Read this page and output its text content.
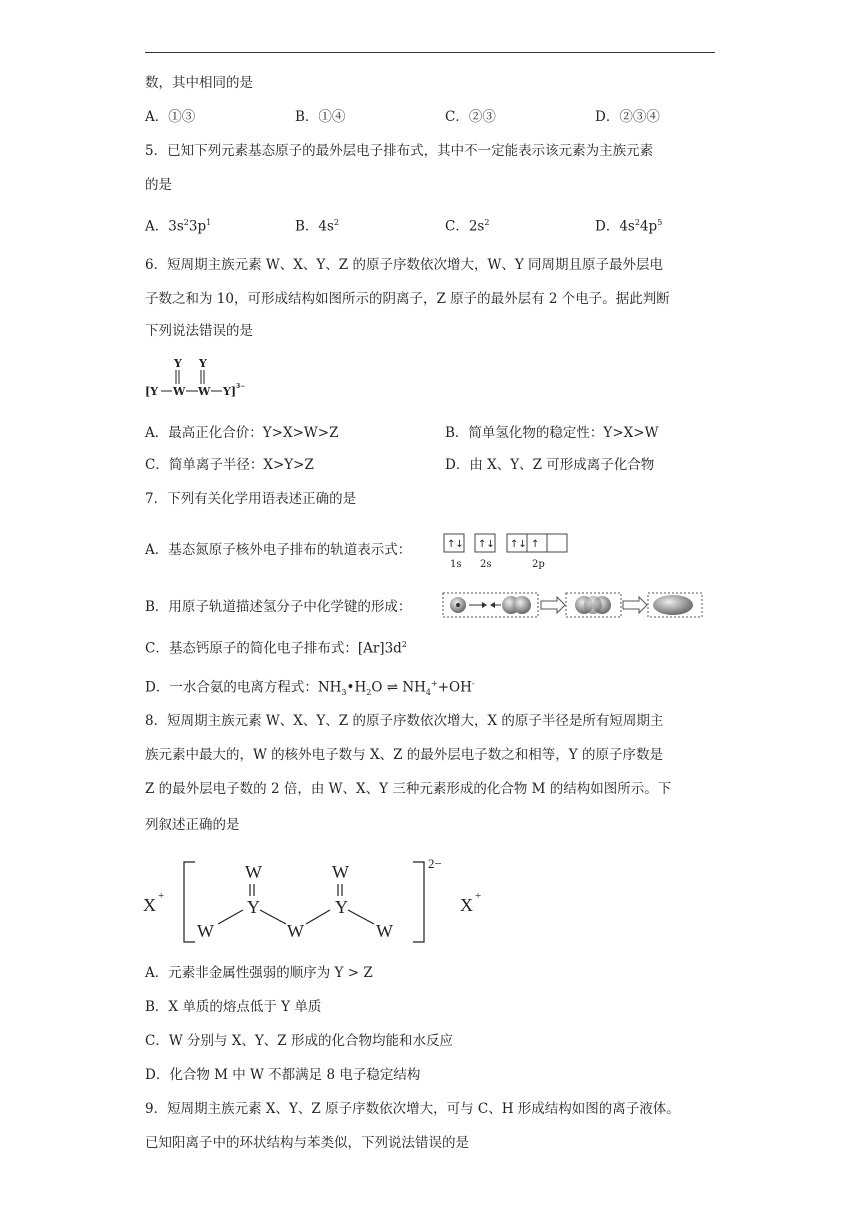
数，其中相同的是
A．①③	B．①④	C．②③	D．②③④
5．已知下列元素基态原子的最外层电子排布式，其中不一定能表示该元素为主族元素
的是
A．$3s^23p^1$	B．$4s^2$	C．$2s^2$	D．$4s^24p^5$
6．短周期主族元素 W、X、Y、Z 的原子序数依次增大，W、Y 同周期且原子最外层电
子数之和为 10，可形成结构如图所示的阴离子，Z 原子的最外层有 2 个电子。据此判断
下列说法错误的是
Y Y
[Y W W Y] 3−
A．最高正化合价：Y>X>W>Z	B．简单氢化物的稳定性：Y>X>W
C．简单离子半径：X>Y>Z	D．由 X、Y、Z 可形成离子化合物
7．下列有关化学用语表述正确的是
A．基态氮原子核外电子排布的轨道表示式：	↑↓ ↑↓ ↑↓ ↑
1s 2s	2p
B．用原子轨道描述氢分子中化学键的形成：
C．基态钙原子的简化电子排布式：$[Ar]3d^2$
D．一水合氨的电离方程式：$NH_3•H_2O$ ⇌ $NH_4^++OH^-$
8．短周期主族元素 W、X、Y、Z 的原子序数依次增大，X 的原子半径是所有短周期主
族元素中最大的，W 的核外电子数与 X、Z 的最外层电子数之和相等，Y 的原子序数是
Z 的最外层电子数的 2 倍，由 W、X、Y 三种元素形成的化合物 M 的结构如图所示。下
列叙述正确的是
X +	X +
W	W
Y	Y
W	W	W
2−
A．元素非金属性强弱的顺序为 Y > Z
B．X 单质的熔点低于 Y 单质
C．W 分别与 X、Y、Z 形成的化合物均能和水反应
D．化合物 M 中 W 不都满足 8 电子稳定结构
9．短周期主族元素 X、Y、Z 原子序数依次增大，可与 C、H 形成结构如图的离子液体。
已知阳离子中的环状结构与苯类似，下列说法错误的是
